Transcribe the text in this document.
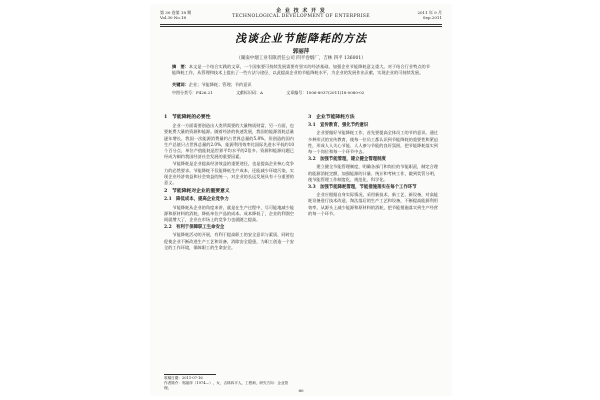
第 30 卷第 18 期
Vol.30 No.18
企 业 技 术 开 发
TECHNOLOGICAL DEVELOPMENT OF ENTERPRISE
2011 年 9 月
Sep.2011
浅谈企业节能降耗的方法
郭丽萍
（湖南中烟工业有限责任公司 四平卷烟厂，吉林 四平 136001）
摘　要：本文是一个结合实践的文章，一个国家要可持续发展需要有坚实的经济基础，加强企业节能降耗意义重大。对于结合行业特点的节能降耗工作，从管理和技术上提出了一些方法与途径，以此提高企业的节能降耗水平，为企业的发展作出贡献，实现企业的可持续发展。
关键词：企业；节能降耗；管理；节约意识
中图分类号：F426.21	文献标识码：A	文章编号：1006-8937(2011)18-0080-02
1　节能降耗的必要性

企业一方面需要创造出人类所需要的大量物质财富，另一方面，也要耗费大量的资源和能源。随着经济的快速发展，我国的能源消耗总量逐年增长，我国一次能源消费量约占世界总量的5.8%，但创造的国内生产总值只占世界总量的2.0%，能源利用效率比国际先进水平低约10个百分点，单位产值能耗是世界平均水平的2倍多。资源和能源问题已经成为制约我国经济社会发展的重要因素。

节能降耗是企业提高经济效益的重要途径，也是提高企业核心竞争力的必然要求。节能降耗不仅能降低生产成本，还能减少环境污染，实现企业经济效益和社会效益的统一，对企业的长远发展具有十分重要的意义。

2　节能降耗对企业的重要意义
2.1　降低成本，提高企业竞争力

节能降耗从企业的角度来讲，就是在生产过程中，尽可能地减少能源和原材料的消耗，降低单位产品的成本。成本降低了，企业的利润空间就增大了，企业在市场上的竞争力也就随之提高。

2.2　有利于保障职工生命安全

节能降耗活动的开展，有利于提高职工的安全意识与素质，同时也促使企业不断改进生产工艺和设备，消除安全隐患，为职工创造一个安全的工作环境，保障职工的生命安全。

3　企业节能降耗方法
3.1　宣传教育，强化节约意识

企业要做好节能降耗工作，首先要提高全体员工的节约意识。通过多种形式的宣传教育，使每一位员工都认识到节能降耗的重要性和紧迫性，形成人人关心节能、人人参与节能的良好氛围，把节能降耗落实到每一个岗位和每一个环节中去。

3.2　加强节能管理，建立健全管理制度

建立健全节能管理制度，明确各部门和岗位的节能职责，制定合理的能源消耗定额，加强能源的计量、统计和考核工作，做到奖罚分明，使节能管理工作制度化、规范化、科学化。

3.3　加强节能降耗管理，节能措施落实在每个工作环节

企业应根据自身实际情况，采用新技术、新工艺、新设备，对高能耗设备进行技术改造，淘汰落后的生产工艺和设备，不断提高能源利用效率，从源头上减少能源和原材料的消耗，把节能措施落实到生产经营的每一个环节。

收稿日期：2011-07-16
作者简介：郭丽萍（1974—），女，吉林四平人，工程师，研究方向：企业管理。	80
